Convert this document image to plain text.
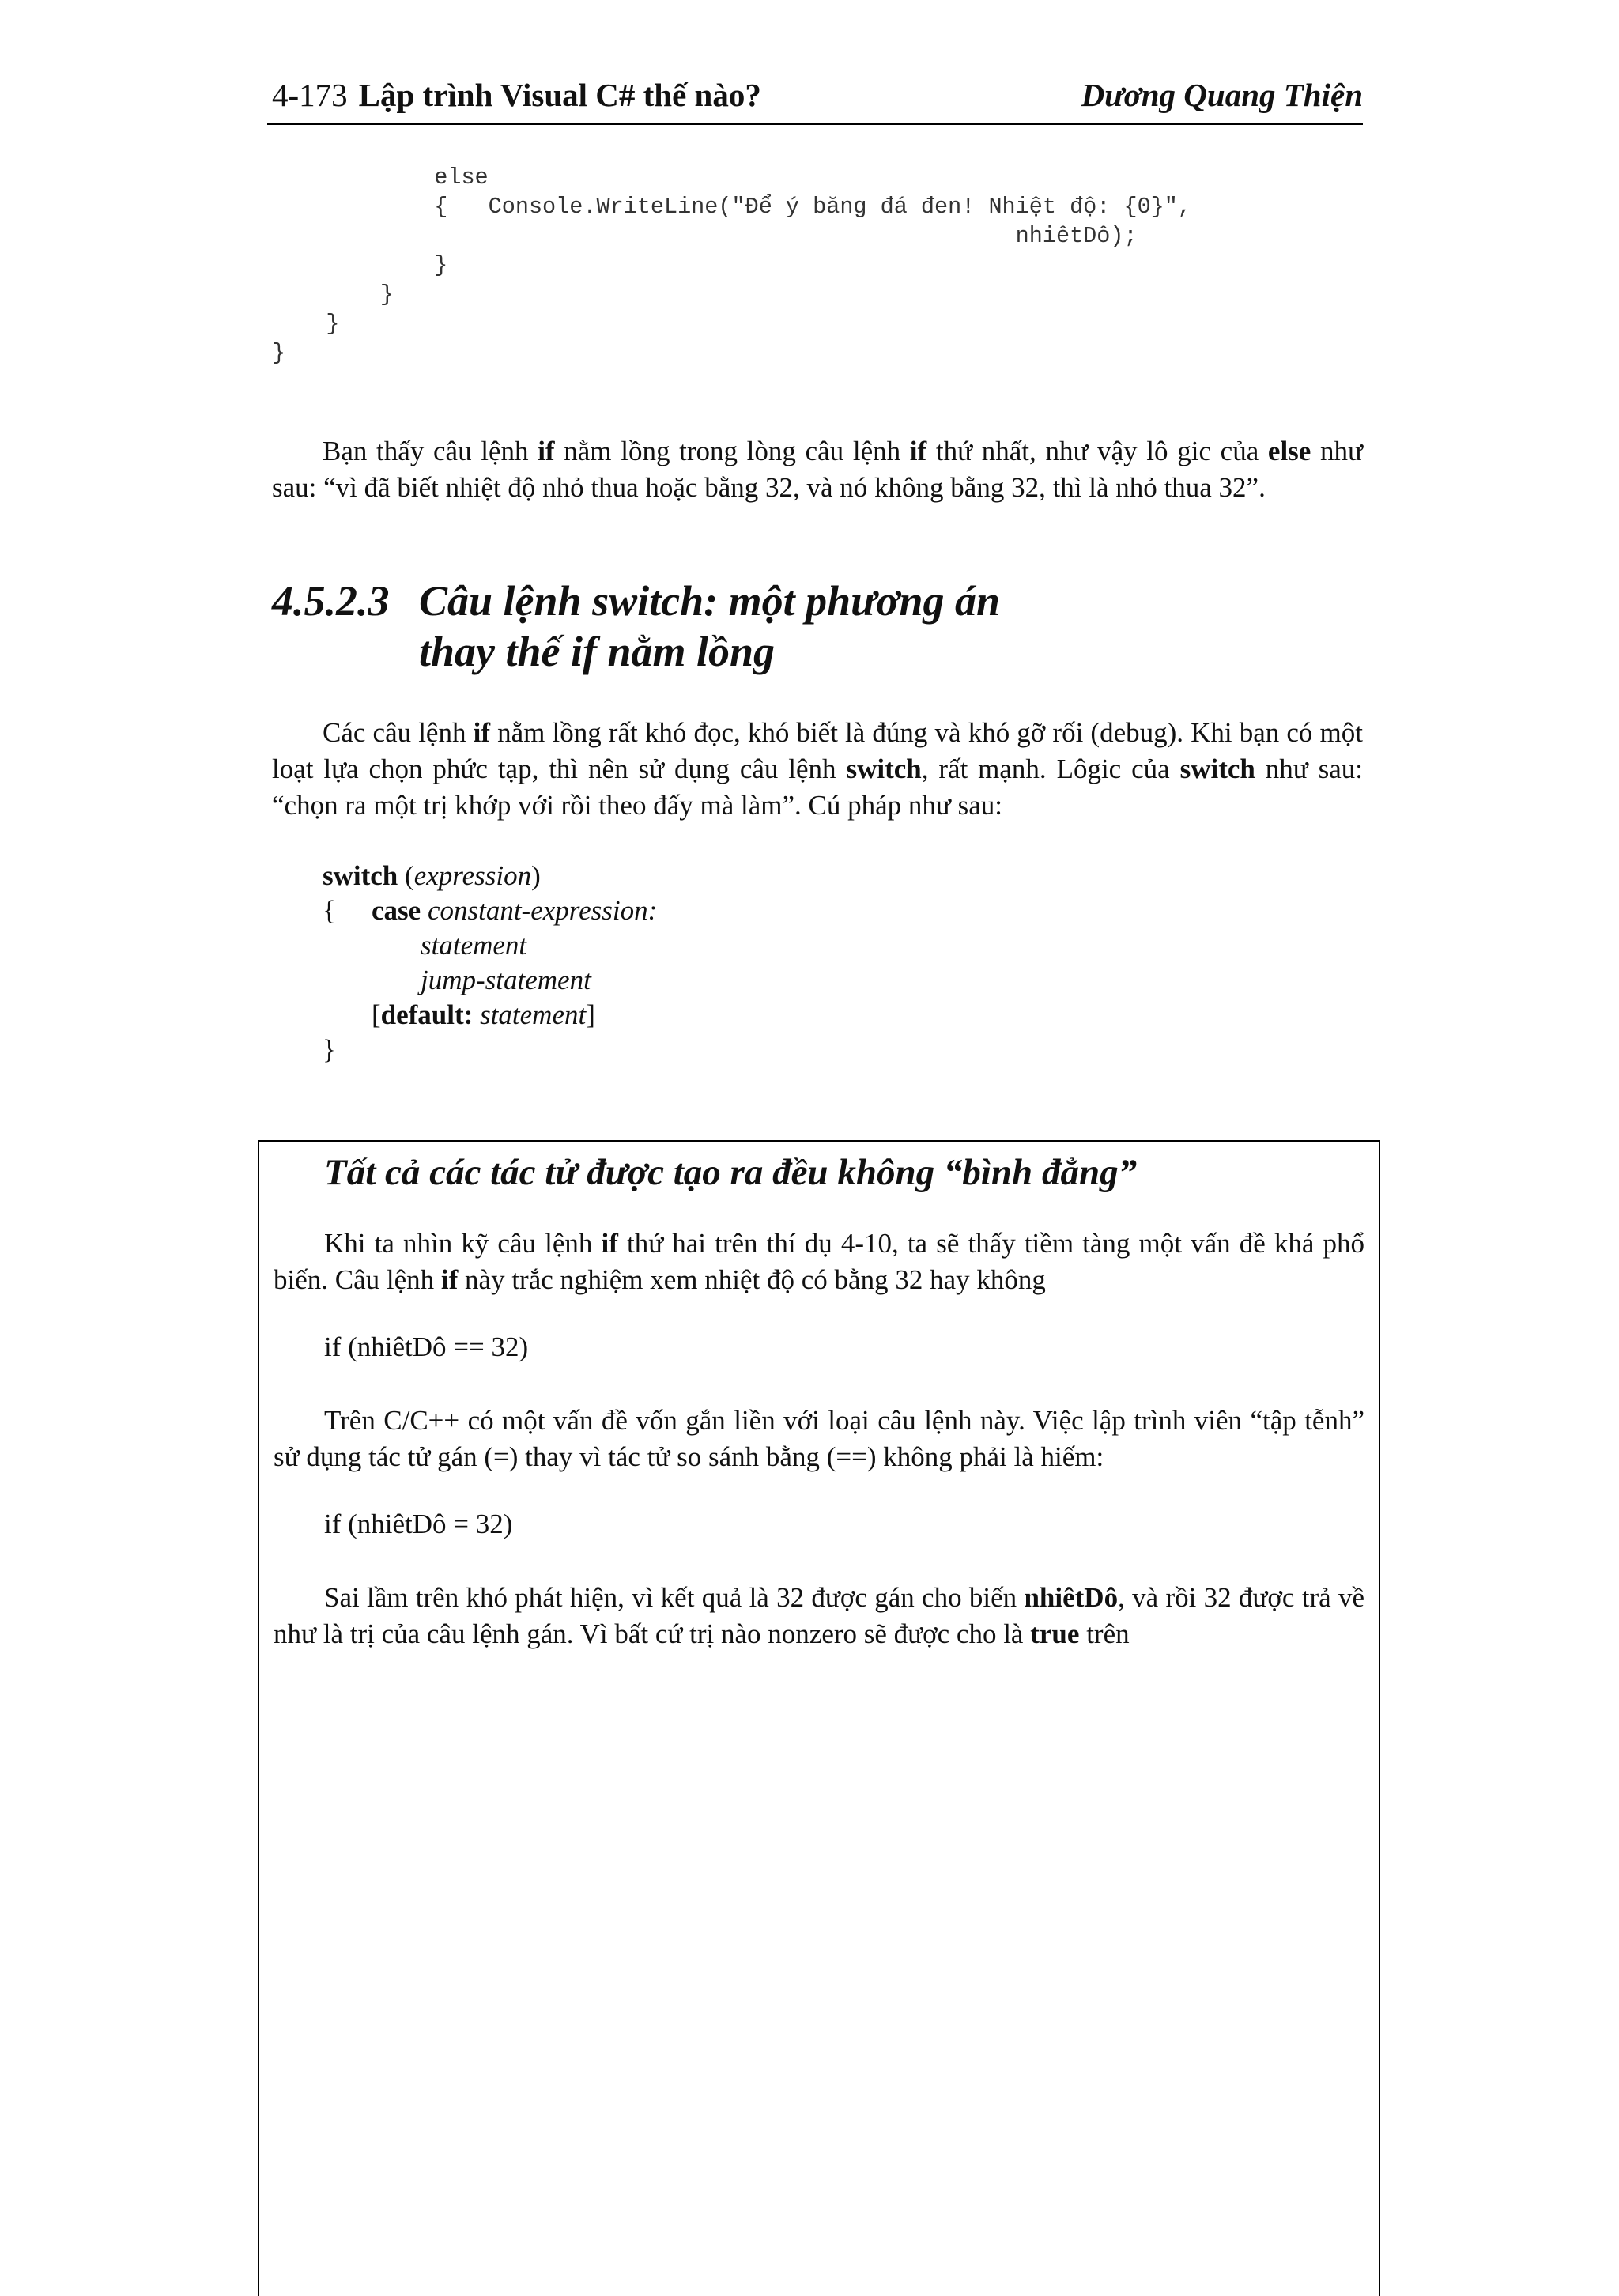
4-173 Lập trình Visual C# thế nào?	Dương Quang Thiện
else
{   Console.WriteLine("Để ý băng đá đen! Nhiệt độ: {0}",
nhiêtDô);
}
}
}
}

Bạn thấy câu lệnh if nằm lồng trong lòng câu lệnh if thứ nhất, như vậy lô gic của else như sau: “vì đã biết nhiệt độ nhỏ thua hoặc bằng 32, và nó không bằng 32, thì là nhỏ thua 32”.

4.5.2.3 Câu lệnh switch: một phương án
thay thế if nằm lồng

Các câu lệnh if nằm lồng rất khó đọc, khó biết là đúng và khó gỡ rối (debug). Khi bạn có một loạt lựa chọn phức tạp, thì nên sử dụng câu lệnh switch, rất mạnh. Lôgic của switch như sau: “chọn ra một trị khớp với rồi theo đấy mà làm”. Cú pháp như sau:

switch (expression)
{ case constant-expression:
statement
jump-statement
[default: statement]
}
Tất cả các tác tử được tạo ra đều không “bình đẳng”

Khi ta nhìn kỹ câu lệnh if thứ hai trên thí dụ 4-10, ta sẽ thấy tiềm tàng một vấn đề khá phổ biến. Câu lệnh if này trắc nghiệm xem nhiệt độ có bằng 32 hay không

if (nhiêtDô == 32)

Trên C/C++ có một vấn đề vốn gắn liền với loại câu lệnh này. Việc lập trình viên “tập tễnh” sử dụng tác tử gán (=) thay vì tác tử so sánh bằng (==) không phải là hiếm:

if (nhiêtDô = 32)

Sai lầm trên khó phát hiện, vì kết quả là 32 được gán cho biến nhiêtDô, và rồi 32 được trả về như là trị của câu lệnh gán. Vì bất cứ trị nào nonzero sẽ được cho là true trên
